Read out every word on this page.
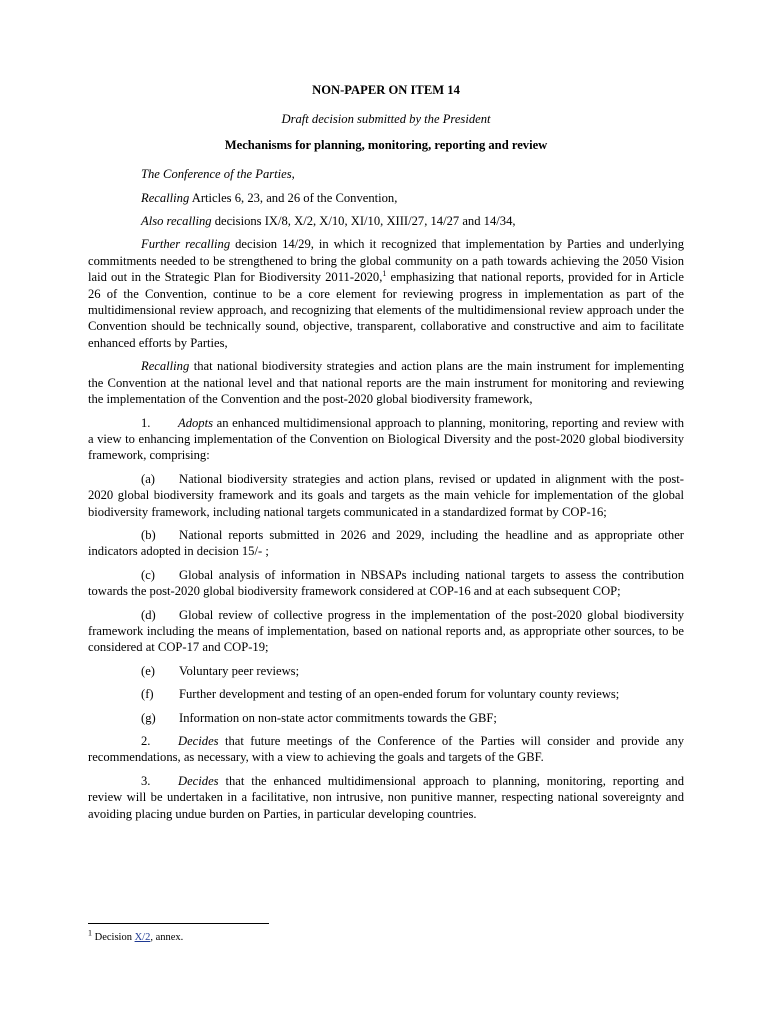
NON-PAPER ON ITEM 14

Draft decision submitted by the President

Mechanisms for planning, monitoring, reporting and review

The Conference of the Parties,

Recalling Articles 6, 23, and 26 of the Convention,

Also recalling decisions IX/8, X/2, X/10, XI/10, XIII/27, 14/27 and 14/34,

Further recalling decision 14/29, in which it recognized that implementation by Parties and underlying commitments needed to be strengthened to bring the global community on a path towards achieving the 2050 Vision laid out in the Strategic Plan for Biodiversity 2011-2020,$^1$ emphasizing that national reports, provided for in Article 26 of the Convention, continue to be a core element for reviewing progress in implementation as part of the multidimensional review approach, and recognizing that elements of the multidimensional review approach under the Convention should be technically sound, objective, transparent, collaborative and constructive and aim to facilitate enhanced efforts by Parties,

Recalling that national biodiversity strategies and action plans are the main instrument for implementing the Convention at the national level and that national reports are the main instrument for monitoring and reviewing the implementation of the Convention and the post-2020 global biodiversity framework,

1. Adopts an enhanced multidimensional approach to planning, monitoring, reporting and review with a view to enhancing implementation of the Convention on Biological Diversity and the post-2020 global biodiversity framework, comprising:

(a) National biodiversity strategies and action plans, revised or updated in alignment with the post-2020 global biodiversity framework and its goals and targets as the main vehicle for implementation of the global biodiversity framework, including national targets communicated in a standardized format by COP-16;

(b) National reports submitted in 2026 and 2029, including the headline and as appropriate other indicators adopted in decision 15/- ;

(c) Global analysis of information in NBSAPs including national targets to assess the contribution towards the post-2020 global biodiversity framework considered at COP-16 and at each subsequent COP;

(d) Global review of collective progress in the implementation of the post-2020 global biodiversity framework including the means of implementation, based on national reports and, as appropriate other sources, to be considered at COP-17 and COP-19;

(e) Voluntary peer reviews;

(f) Further development and testing of an open-ended forum for voluntary county reviews;

(g) Information on non-state actor commitments towards the GBF;

2. Decides that future meetings of the Conference of the Parties will consider and provide any recommendations, as necessary, with a view to achieving the goals and targets of the GBF.

3. Decides that the enhanced multidimensional approach to planning, monitoring, reporting and review will be undertaken in a facilitative, non intrusive, non punitive manner, respecting national sovereignty and avoiding placing undue burden on Parties, in particular developing countries.

$^1$ Decision X/2, annex.
